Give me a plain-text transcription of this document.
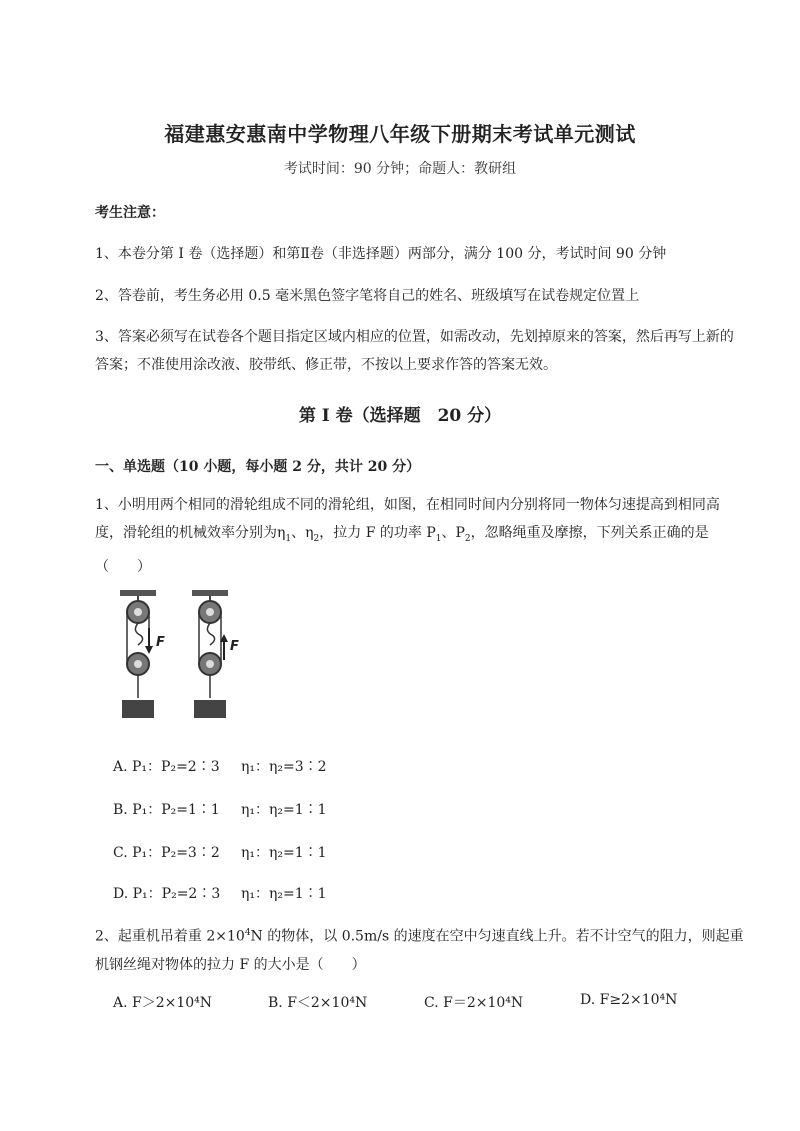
福建惠安惠南中学物理八年级下册期末考试单元测试
考试时间：90 分钟；命题人：教研组
考生注意：
1、本卷分第 I 卷（选择题）和第Ⅱ卷（非选择题）两部分，满分 100 分，考试时间 90 分钟
2、答卷前，考生务必用 0.5 毫米黑色签字笔将自己的姓名、班级填写在试卷规定位置上
3、答案必须写在试卷各个题目指定区域内相应的位置，如需改动，先划掉原来的答案，然后再写上新的答案；不准使用涂改液、胶带纸、修正带，不按以上要求作答的答案无效。
第 I 卷（选择题　20 分）
一、单选题（10 小题，每小题 2 分，共计 20 分）
1、小明用两个相同的滑轮组成不同的滑轮组，如图，在相同时间内分别将同一物体匀速提高到相同高度，滑轮组的机械效率分别为$\eta_1$、$\eta_2$，拉力 F 的功率 $P_1$、$P_2$，忽略绳重及摩擦，下列关系正确的是（　　）
F	F
A. P₁：P₂=2∶3 η₁：η₂=3∶2
B. P₁：P₂=1∶1 η₁：η₂=1∶1
C. P₁：P₂=3∶2 η₁：η₂=1∶1
D. P₁：P₂=2∶3 η₁：η₂=1∶1
2、起重机吊着重 $2\times 10^4N$ 的物体，以 0.5m/s 的速度在空中匀速直线上升。若不计空气的阻力，则起重机钢丝绳对物体的拉力 F 的大小是（　　）
A. F＞2×10⁴N	B. F＜2×10⁴N	C. F＝2×10⁴N	D. F≥2×10⁴N
